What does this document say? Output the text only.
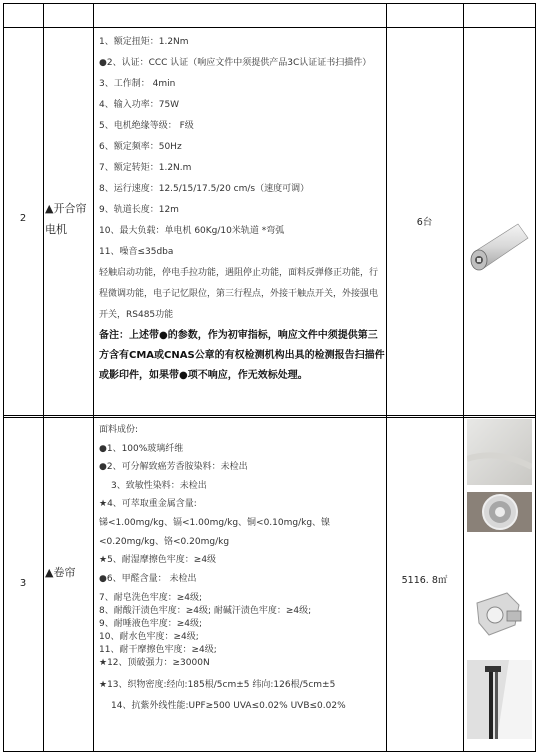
2
▲开合帘电机

1、额定扭矩：1.2Nm

●2、认证：CCC 认证（响应文件中须提供产品3C认证证书扫描件）

3、工作制： 4min

4、输入功率：75W

5、电机绝缘等级： F级

6、额定频率：50Hz

7、额定转矩：1.2N.m

8、运行速度：12.5/15/17.5/20 cm/s（速度可调）

9、轨道长度：12m

10、最大负载：单电机 60Kg/10米轨道 *弯弧

11、噪音≤35dba

轻触启动功能，停电手拉功能，遇阻停止功能，面料反弹修正功能，行程微调功能，电子记忆限位，第三行程点，外接干触点开关，外接强电开关，RS485功能

备注：上述带●的参数，作为初审指标，响应文件中须提供第三方含有CMA或CNAS公章的有权检测机构出具的检测报告扫描件或影印件，如果带●项不响应，作无效标处理。

6台
3
▲卷帘

面料成份:

●1、100%玻璃纤维

●2、可分解致癌芳香胺染料：未检出

3、致敏性染料：未检出

★4、可萃取重金属含量:

锑<1.00mg/kg、镉<1.00mg/kg、铜<0.10mg/kg、镍<0.20mg/kg、铬<0.20mg/kg

★5、耐湿摩擦色牢度：≥4级

●6、甲醛含量： 未检出

7、耐皂洗色牢度：≥4级;

8、耐酸汗渍色牢度：≥4级; 耐碱汗渍色牢度：≥4级;

9、耐唾液色牢度：≥4级;

10、耐水色牢度：≥4级;

11、耐干摩擦色牢度：≥4级;

★12、顶破强力：≥3000N

★13、织物密度:经向:185根/5cm±5 纬向:126根/5cm±5

14、抗紫外线性能:UPF≥500 UVA≤0.02% UVB≤0.02%

5116. 8㎡
